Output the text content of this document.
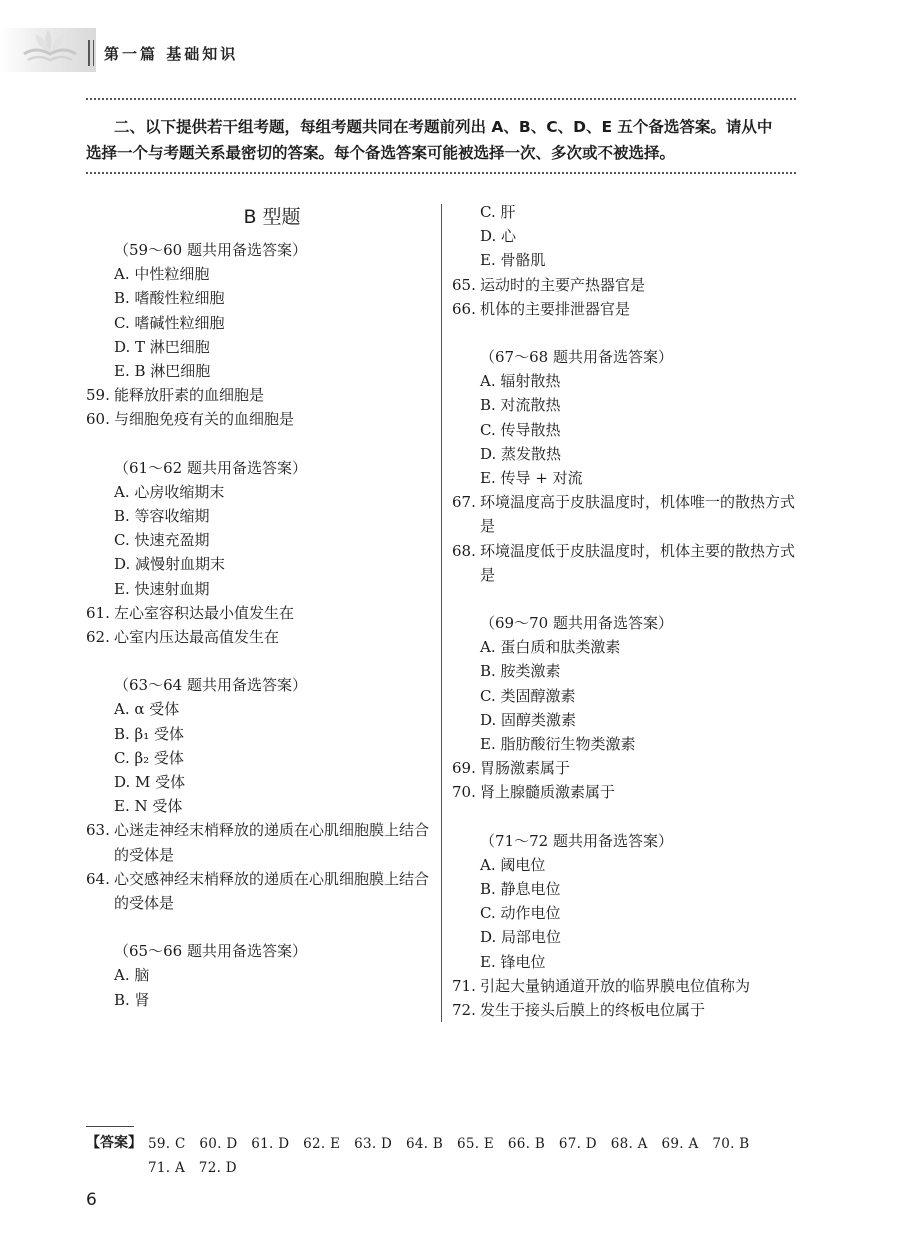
第一篇 基础知识
二、以下提供若干组考题，每组考题共同在考题前列出 A、B、C、D、E 五个备选答案。请从中
选择一个与考题关系最密切的答案。每个备选答案可能被选择一次、多次或不被选择。
B 型题
（59～60 题共用备选答案）
A. 中性粒细胞
B. 嗜酸性粒细胞
C. 嗜碱性粒细胞
D. T 淋巴细胞
E. B 淋巴细胞
59. 能释放肝素的血细胞是
60. 与细胞免疫有关的血细胞是
（61～62 题共用备选答案）
A. 心房收缩期末
B. 等容收缩期
C. 快速充盈期
D. 减慢射血期末
E. 快速射血期
61. 左心室容积达最小值发生在
62. 心室内压达最高值发生在
（63～64 题共用备选答案）
A. α 受体
B. β₁ 受体
C. β₂ 受体
D. M 受体
E. N 受体
63. 心迷走神经末梢释放的递质在心肌细胞膜上结合的受体是
64. 心交感神经末梢释放的递质在心肌细胞膜上结合的受体是
（65～66 题共用备选答案）
A. 脑
B. 肾
C. 肝
D. 心
E. 骨骼肌
65. 运动时的主要产热器官是
66. 机体的主要排泄器官是
（67～68 题共用备选答案）
A. 辐射散热
B. 对流散热
C. 传导散热
D. 蒸发散热
E. 传导 + 对流
67. 环境温度高于皮肤温度时，机体唯一的散热方式是
68. 环境温度低于皮肤温度时，机体主要的散热方式是
（69～70 题共用备选答案）
A. 蛋白质和肽类激素
B. 胺类激素
C. 类固醇激素
D. 固醇类激素
E. 脂肪酸衍生物类激素
69. 胃肠激素属于
70. 肾上腺髓质激素属于
（71～72 题共用备选答案）
A. 阈电位
B. 静息电位
C. 动作电位
D. 局部电位
E. 锋电位
71. 引起大量钠通道开放的临界膜电位值称为
72. 发生于接头后膜上的终板电位属于
【答案】 59. C　60. D　61. D　62. E　63. D　64. B　65. E　66. B　67. D　68. A　69. A　70. B
71. A　72. D
6
